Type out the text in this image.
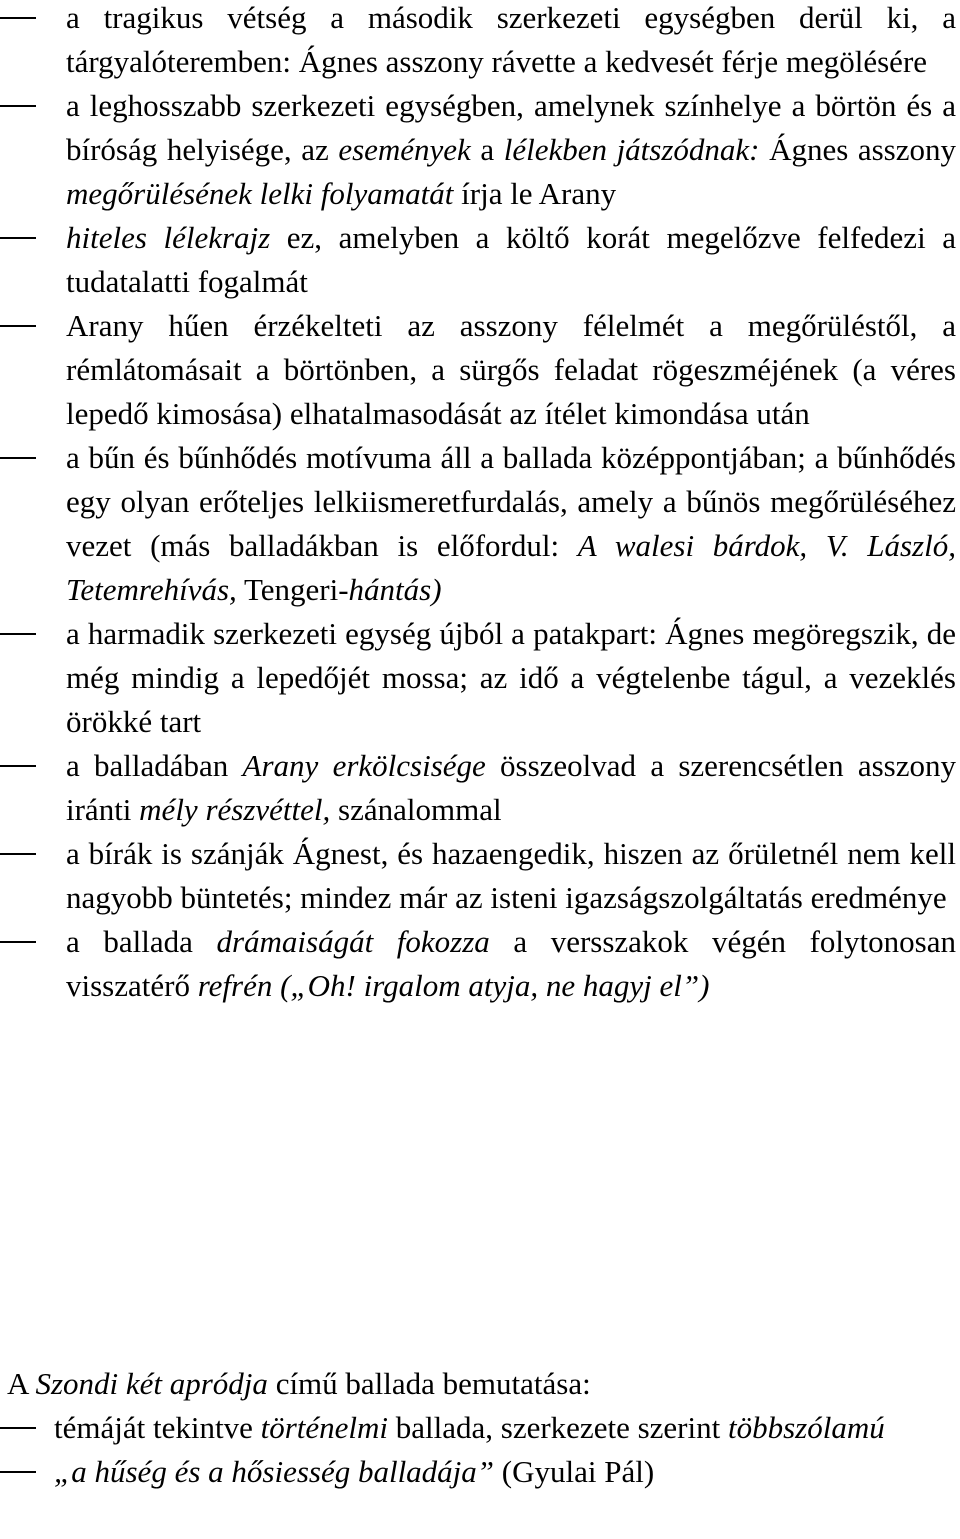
a tragikus vétség a második szerkezeti egységben derül ki, a tárgyalóteremben: Ágnes asszony rávette a kedvesét férje megölésére
a leghosszabb szerkezeti egységben, amelynek színhelye a börtön és a bíróság helyisége, az események a lélekben játszódnak: Ágnes asszony megőrülésének lelki folyamatát írja le Arany
hiteles lélekrajz ez, amelyben a költő korát megelőzve felfedezi a tudatalatti fogalmát
Arany hűen érzékelteti az asszony félelmét a megőrüléstől, a rémlátomásait a börtönben, a sürgős feladat rögeszméjének (a véres lepedő kimosása) elhatalmasodását az ítélet kimondása után
a bűn és bűnhődés motívuma áll a ballada középpontjában; a bűnhődés egy olyan erőteljes lelkiismeretfurdalás, amely a bűnös megőrüléséhez vezet (más balladákban is előfordul: A walesi bárdok, V. László, Tetemrehívás, Tengeri-hántás)
a harmadik szerkezeti egység újból a patakpart: Ágnes megöregszik, de még mindig a lepedőjét mossa; az idő a végtelenbe tágul, a vezeklés örökké tart
a balladában Arany erkölcsisége összeolvad a szerencsétlen asszony iránti mély részvéttel, szánalommal
a bírák is szánják Ágnest, és hazaengedik, hiszen az őrületnél nem kell nagyobb büntetés; mindez már az isteni igazságszolgáltatás eredménye
a ballada drámaiságát fokozza a versszakok végén folytonosan visszatérő refrén („Oh! irgalom atyja, ne hagyj el”)

A Szondi két apródja című ballada bemutatása:

témáját tekintve történelmi ballada, szerkezete szerint többszólamú
„a hűség és a hősiesség balladája” (Gyulai Pál)
